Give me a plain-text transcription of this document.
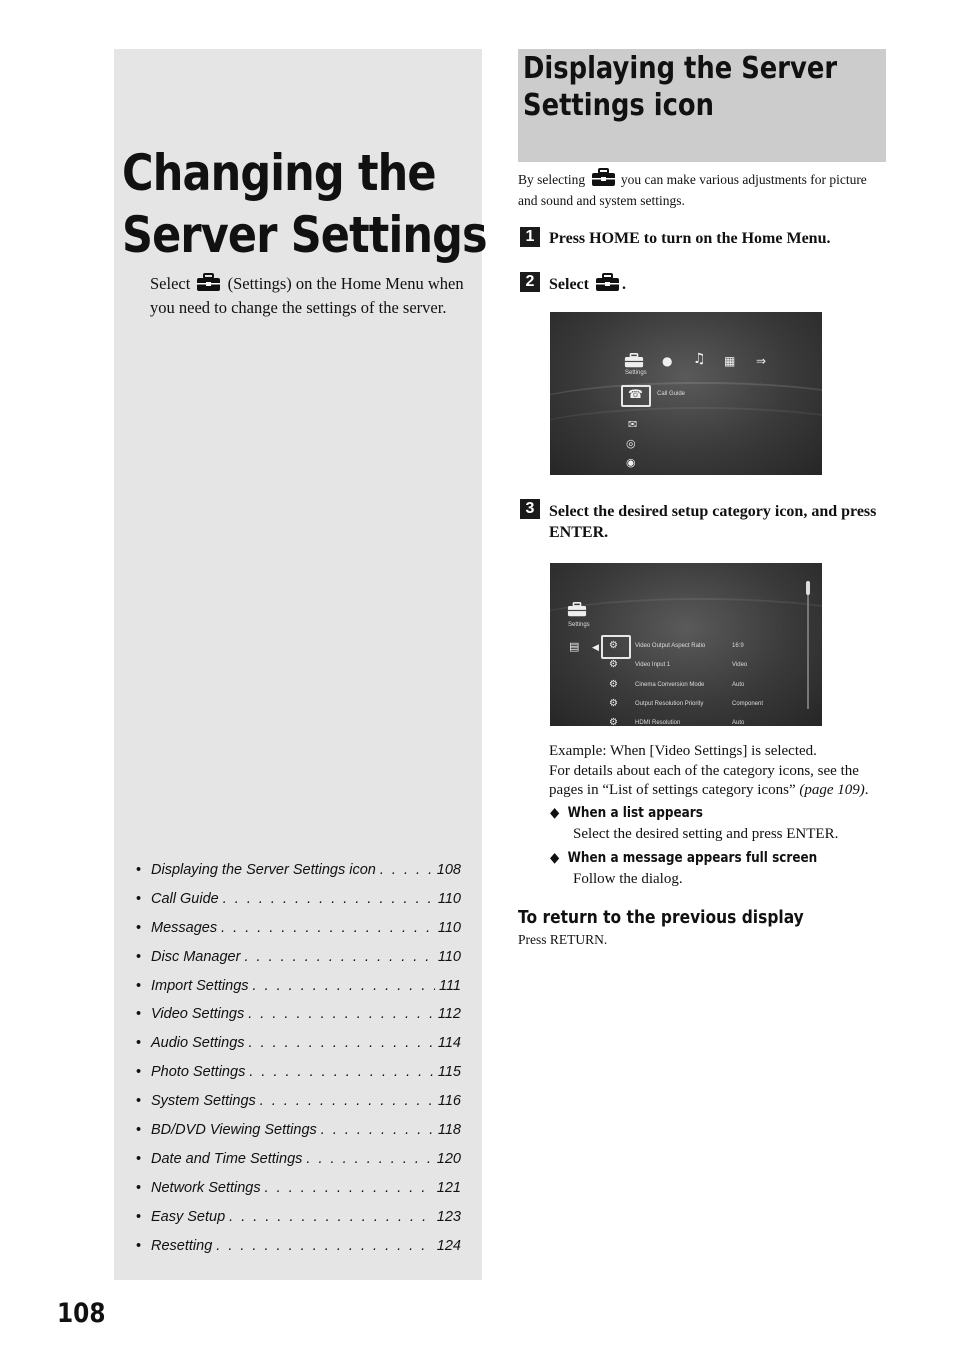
Changing the
Server Settings
Select (Settings) on the Home Menu when you need to change the settings of the server.
• Displaying the Server Settings icon . . .	108
• Call Guide . . .	110
• Messages . . .	110
• Disc Manager . . .	110
• Import Settings . . .	111
• Video Settings . . .	112
• Audio Settings . . .	114
• Photo Settings . . .	115
• System Settings . . .	116
• BD/DVD Viewing Settings . . .	118
• Date and Time Settings . . .	120
• Network Settings . . .	121
• Easy Setup . . .	123
• Resetting . . .	124
Displaying the Server
Settings icon
By selecting	you can make various adjustments for picture and sound and system settings.
1 Press HOME to turn on the Home Menu.
2 Select .
Settings
● ♫ ▦ ⇒
☎ Call Guide
✉
◎
◉
3 Select the desired setup category icon, and press ENTER.
Settings
▤ ◀ ⚙	Video Output Aspect Ratio	16:9
⚙	Video Input 1	Video
⚙	Cinema Conversion Mode	Auto
⚙	Output Resolution Priority	Component
⚙	HDMI Resolution	Auto
Example: When [Video Settings] is selected.
For details about each of the category icons, see the pages in “List of settings category icons” (page 109).
◆ When a list appears
Select the desired setting and press ENTER.
◆ When a message appears full screen
Follow the dialog.
To return to the previous display
Press RETURN.
108
